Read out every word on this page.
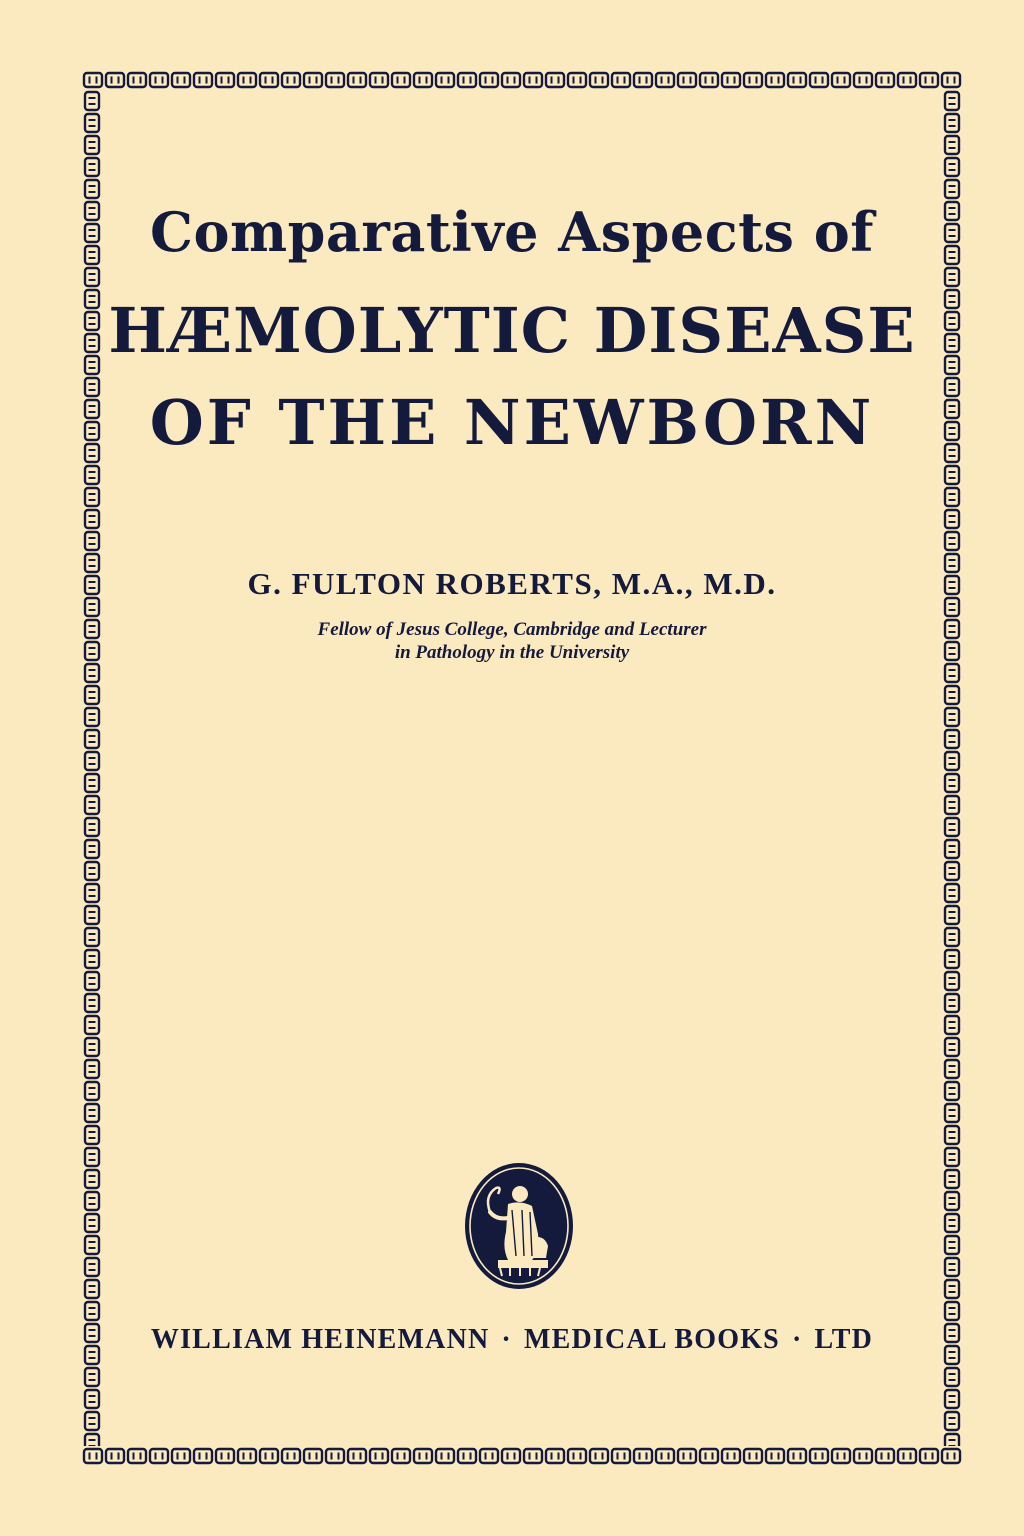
Comparative Aspects of
HÆMOLYTIC DISEASE
OF THE NEWBORN
G. FULTON ROBERTS, M.A., M.D.
Fellow of Jesus College, Cambridge and Lecturer
in Pathology in the University
WILLIAM HEINEMANN · MEDICAL BOOKS · LTD
